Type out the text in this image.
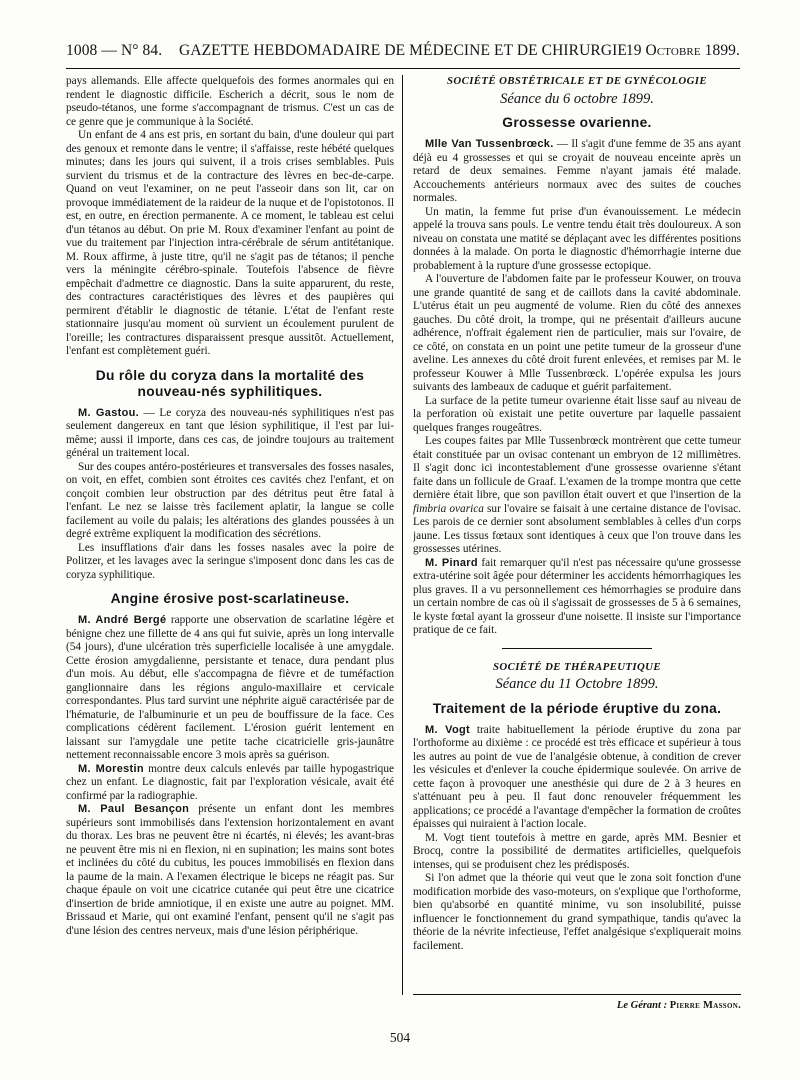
1008 — N° 84.	GAZETTE HEBDOMADAIRE DE MÉDECINE ET DE CHIRURGIE
19 Octobre 1899.

pays allemands. Elle affecte quelquefois des formes anormales qui en rendent le diagnostic difficile. Escherich a décrit, sous le nom de pseudo-tétanos, une forme s'accompagnant de trismus. C'est un cas de ce genre que je communique à la Société.

Un enfant de 4 ans est pris, en sortant du bain, d'une douleur qui part des genoux et remonte dans le ventre; il s'affaisse, reste hébété quelques minutes; dans les jours qui suivent, il a trois crises semblables. Puis survient du trismus et de la contracture des lèvres en bec-de-carpe. Quand on veut l'examiner, on ne peut l'asseoir dans son lit, car on provoque immédiatement de la raideur de la nuque et de l'opistotonos. Il est, en outre, en érection permanente. A ce moment, le tableau est celui d'un tétanos au début. On prie M. Roux d'examiner l'enfant au point de vue du traitement par l'injection intra-cérébrale de sérum antitétanique. M. Roux affirme, à juste titre, qu'il ne s'agit pas de tétanos; il penche vers la méningite cérébro-spinale. Toutefois l'absence de fièvre empêchait d'admettre ce diagnostic. Dans la suite apparurent, du reste, des contractures caractéristiques des lèvres et des paupières qui permirent d'établir le diagnostic de tétanie. L'état de l'enfant reste stationnaire jusqu'au moment où survient un écoulement purulent de l'oreille; les contractures disparaissent presque aussitôt. Actuellement, l'enfant est complètement guéri.

Du rôle du coryza dans la mortalité des nouveau-nés syphilitiques.

M. Gastou. — Le coryza des nouveau-nés syphilitiques n'est pas seulement dangereux en tant que lésion syphilitique, il l'est par lui-même; aussi il importe, dans ces cas, de joindre toujours au traitement général un traitement local.

Sur des coupes antéro-postérieures et transversales des fosses nasales, on voit, en effet, combien sont étroites ces cavités chez l'enfant, et on conçoit combien leur obstruction par des détritus peut être fatal à l'enfant. Le nez se laisse très facilement aplatir, la langue se colle facilement au voile du palais; les altérations des glandes poussées à un degré extrême expliquent la modification des sécrétions.

Les insufflations d'air dans les fosses nasales avec la poire de Politzer, et les lavages avec la seringue s'imposent donc dans les cas de coryza syphilitique.

Angine érosive post-scarlatineuse.

M. André Bergé rapporte une observation de scarlatine légère et bénigne chez une fillette de 4 ans qui fut suivie, après un long intervalle (54 jours), d'une ulcération très superficielle localisée à une amygdale. Cette érosion amygdalienne, persistante et tenace, dura pendant plus d'un mois. Au début, elle s'accompagna de fièvre et de tuméfaction ganglionnaire dans les régions angulo-maxillaire et cervicale correspondantes. Plus tard survint une néphrite aiguë caractérisée par de l'hématurie, de l'albuminurie et un peu de bouffissure de la face. Ces complications cédèrent facilement. L'érosion guérit lentement en laissant sur l'amygdale une petite tache cicatricielle gris-jaunâtre nettement reconnaissable encore 3 mois après sa guérison.

M. Morestin montre deux calculs enlevés par taille hypogastrique chez un enfant. Le diagnostic, fait par l'exploration vésicale, avait été confirmé par la radiographie.

M. Paul Besançon présente un enfant dont les membres supérieurs sont immobilisés dans l'extension horizontalement en avant du thorax. Les bras ne peuvent être ni écartés, ni élevés; les avant-bras ne peuvent être mis ni en flexion, ni en supination; les mains sont botes et inclinées du côté du cubitus, les pouces immobilisés en flexion dans la paume de la main. A l'examen électrique le biceps ne réagit pas. Sur chaque épaule on voit une cicatrice cutanée qui peut être une cicatrice d'insertion de bride amniotique, il en existe une autre au poignet. MM. Brissaud et Marie, qui ont examiné l'enfant, pensent qu'il ne s'agit pas d'une lésion des centres nerveux, mais d'une lésion périphérique.

SOCIÉTÉ OBSTÉTRICALE ET DE GYNÉCOLOGIE
Séance du 6 octobre 1899.
Grossesse ovarienne.

Mlle Van Tussenbrœck. — Il s'agit d'une femme de 35 ans ayant déjà eu 4 grossesses et qui se croyait de nouveau enceinte après un retard de deux semaines. Femme n'ayant jamais été malade. Accouchements antérieurs normaux avec des suites de couches normales.

Un matin, la femme fut prise d'un évanouissement. Le médecin appelé la trouva sans pouls. Le ventre tendu était très douloureux. A son niveau on constata une matité se déplaçant avec les différentes positions données à la malade. On porta le diagnostic d'hémorrhagie interne due probablement à la rupture d'une grossesse ectopique.

A l'ouverture de l'abdomen faite par le professeur Kouwer, on trouva une grande quantité de sang et de caillots dans la cavité abdominale. L'utérus était un peu augmenté de volume. Rien du côté des annexes gauches. Du côté droit, la trompe, qui ne présentait d'ailleurs aucune adhérence, n'offrait également rien de particulier, mais sur l'ovaire, de ce côté, on constata en un point une petite tumeur de la grosseur d'une aveline. Les annexes du côté droit furent enlevées, et remises par M. le professeur Kouwer à Mlle Tussenbrœck. L'opérée expulsa les jours suivants des lambeaux de caduque et guérit parfaitement.

La surface de la petite tumeur ovarienne était lisse sauf au niveau de la perforation où existait une petite ouverture par laquelle passaient quelques franges rougeâtres.

Les coupes faites par Mlle Tussenbrœck montrèrent que cette tumeur était constituée par un ovisac contenant un embryon de 12 millimètres. Il s'agit donc ici incontestablement d'une grossesse ovarienne s'étant faite dans un follicule de Graaf. L'examen de la trompe montra que cette dernière était libre, que son pavillon était ouvert et que l'insertion de la fimbria ovarica sur l'ovaire se faisait à une certaine distance de l'ovisac. Les parois de ce dernier sont absolument semblables à celles d'un corps jaune. Les tissus fœtaux sont identiques à ceux que l'on trouve dans les grossesses utérines.

M. Pinard fait remarquer qu'il n'est pas nécessaire qu'une grossesse extra-utérine soit âgée pour déterminer les accidents hémorrhagiques les plus graves. Il a vu personnellement ces hémorrhagies se produire dans un certain nombre de cas où il s'agissait de grossesses de 5 à 6 semaines, le kyste fœtal ayant la grosseur d'une noisette. Il insiste sur l'importance pratique de ce fait.

SOCIÉTÉ DE THÉRAPEUTIQUE
Séance du 11 Octobre 1899.
Traitement de la période éruptive du zona.

M. Vogt traite habituellement la période éruptive du zona par l'orthoforme au dixième : ce procédé est très efficace et supérieur à tous les autres au point de vue de l'analgésie obtenue, à condition de crever les vésicules et d'enlever la couche épidermique soulevée. On arrive de cette façon à provoquer une anesthésie qui dure de 2 à 3 heures en s'atténuant peu à peu. Il faut donc renouveler fréquemment les applications; ce procédé a l'avantage d'empêcher la formation de croûtes épaisses qui nuiraient à l'action locale.

M. Vogt tient toutefois à mettre en garde, après MM. Besnier et Brocq, contre la possibilité de dermatites artificielles, quelquefois intenses, qui se produisent chez les prédisposés.

Si l'on admet que la théorie qui veut que le zona soit fonction d'une modification morbide des vaso-moteurs, on s'explique que l'orthoforme, bien qu'absorbé en quantité minime, vu son insolubilité, puisse influencer le fonctionnement du grand sympathique, tandis qu'avec la théorie de la névrite infectieuse, l'effet analgésique s'expliquerait moins facilement.

Le Gérant : Pierre Masson.
504
